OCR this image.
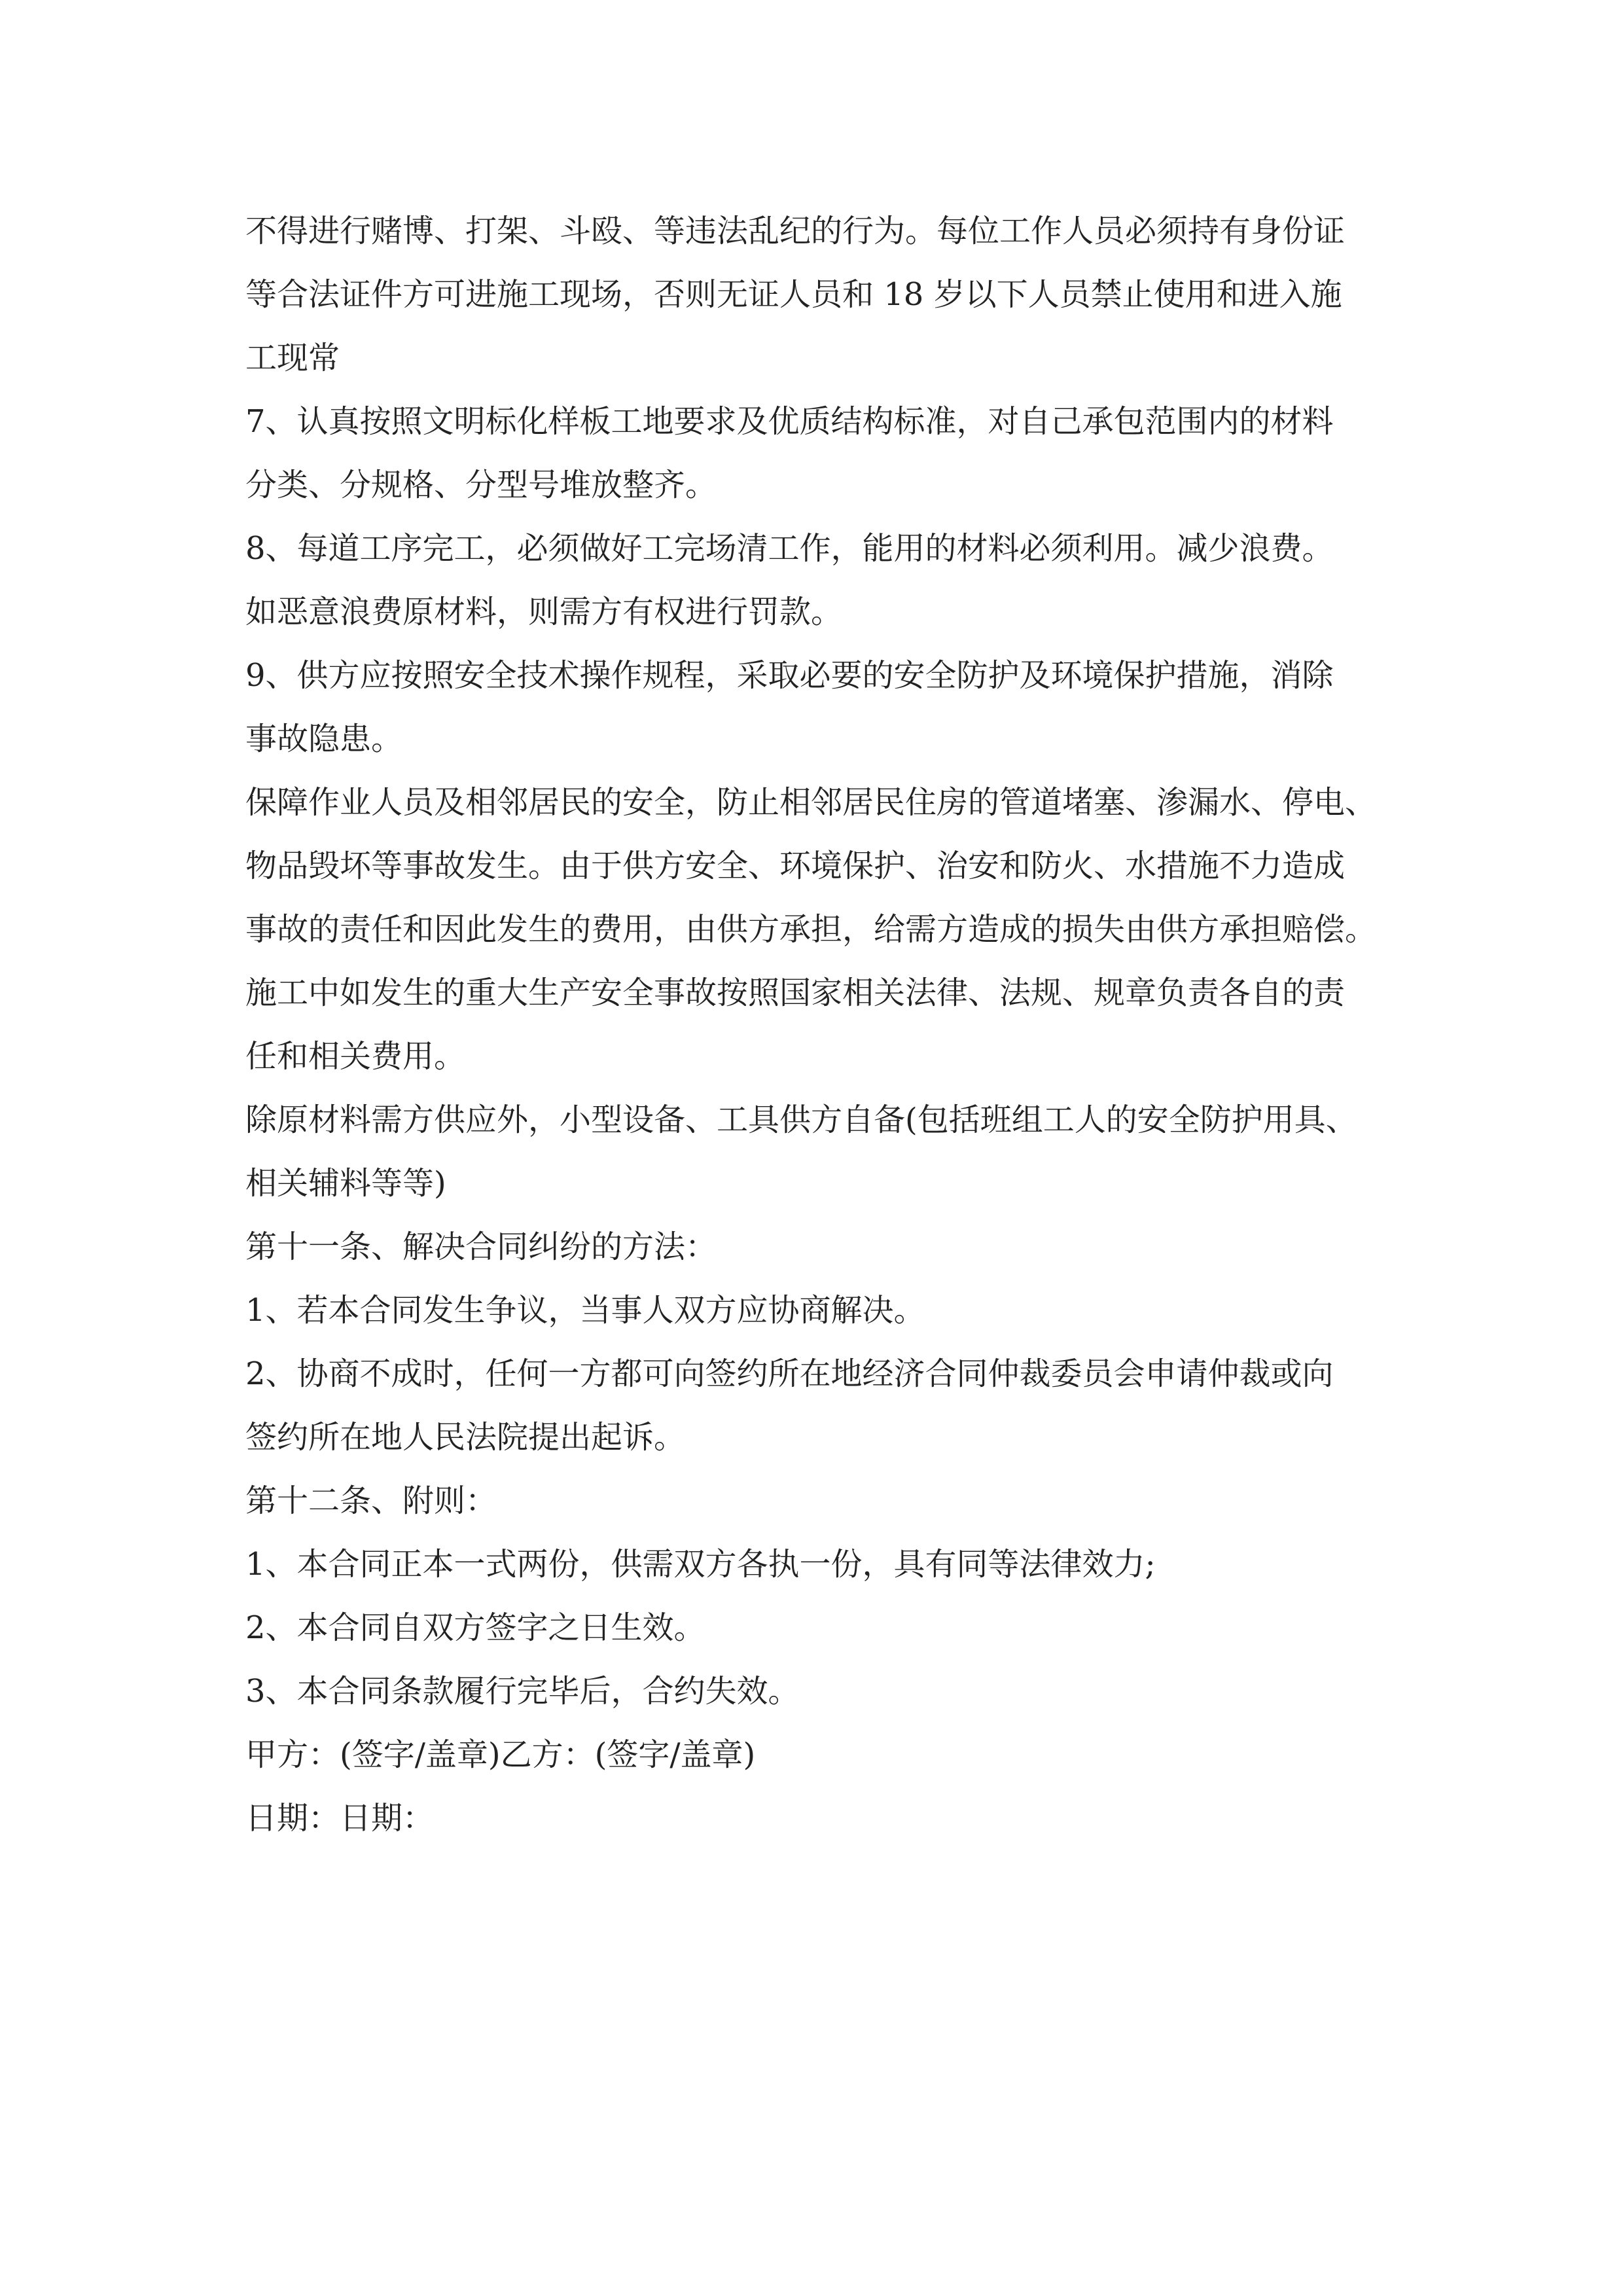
不得进行赌博、打架、斗殴、等违法乱纪的行为。每位工作人员必须持有身份证
等合法证件方可进施工现场，否则无证人员和 18 岁以下人员禁止使用和进入施
工现常
7、认真按照文明标化样板工地要求及优质结构标准，对自己承包范围内的材料
分类、分规格、分型号堆放整齐。
8、每道工序完工，必须做好工完场清工作，能用的材料必须利用。减少浪费。
如恶意浪费原材料，则需方有权进行罚款。
9、供方应按照安全技术操作规程，采取必要的安全防护及环境保护措施，消除
事故隐患。
保障作业人员及相邻居民的安全，防止相邻居民住房的管道堵塞、渗漏水、停电、
物品毁坏等事故发生。由于供方安全、环境保护、治安和防火、水措施不力造成
事故的责任和因此发生的费用，由供方承担，给需方造成的损失由供方承担赔偿。
施工中如发生的重大生产安全事故按照国家相关法律、法规、规章负责各自的责
任和相关费用。
除原材料需方供应外，小型设备、工具供方自备(包括班组工人的安全防护用具、
相关辅料等等)
第十一条、解决合同纠纷的方法：
1、若本合同发生争议，当事人双方应协商解决。
2、协商不成时，任何一方都可向签约所在地经济合同仲裁委员会申请仲裁或向
签约所在地人民法院提出起诉。
第十二条、附则：
1、本合同正本一式两份，供需双方各执一份，具有同等法律效力;
2、本合同自双方签字之日生效。
3、本合同条款履行完毕后，合约失效。
甲方：(签字/盖章)乙方：(签字/盖章)
日期：日期：
